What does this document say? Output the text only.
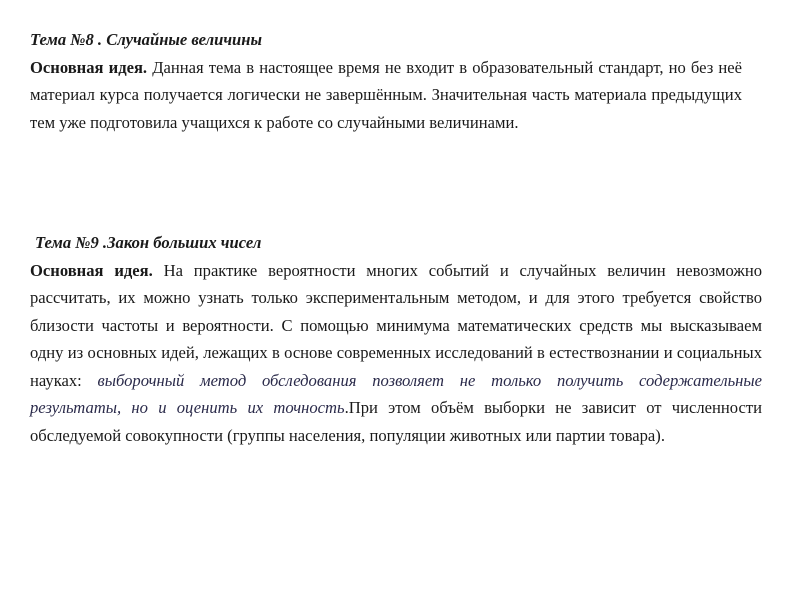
Тема №8 . Случайные величины

Основная идея. Данная тема в настоящее время не входит в образовательный стандарт, но без неё материал курса получается логически не завершённым. Значительная часть материала предыдущих тем уже подготовила учащихся к работе со случайными величинами.

Тема №9 .Закон больших чисел

Основная идея. На практике вероятности многих событий и случайных величин невозможно рассчитать, их можно узнать только экспериментальным методом, и для этого требуется свойство близости частоты и вероятности. С помощью минимума математических средств мы высказываем одну из основных идей, лежащих в основе современных исследований в естествознании и социальных науках: выборочный метод обследования позволяет не только получить содержательные результаты, но и оценить их точность.При этом объём выборки не зависит от численности обследуемой совокупности (группы населения, популяции животных или партии товара).
